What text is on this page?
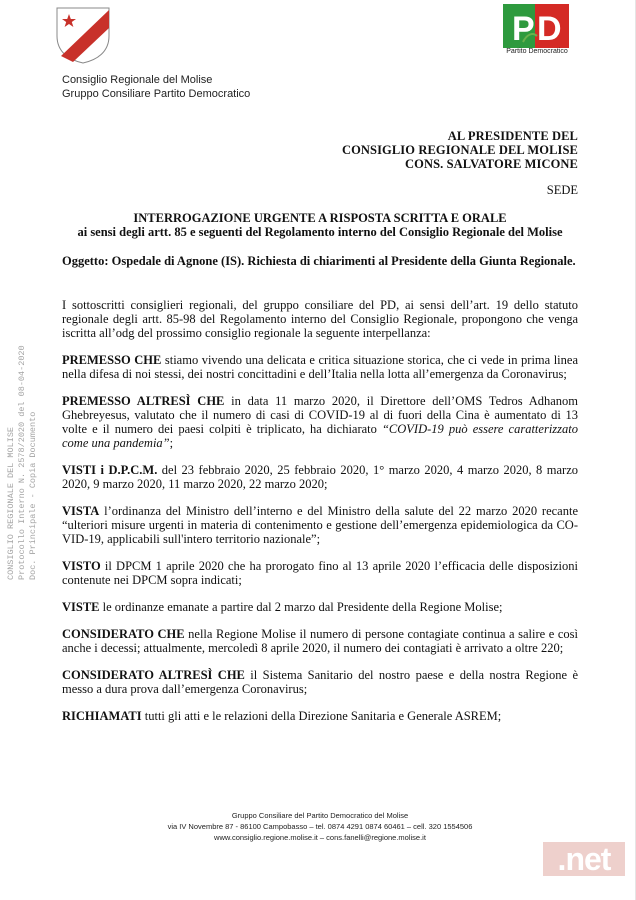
P D
Partito Democratico
Consiglio Regionale del Molise
Gruppo Consiliare Partito Democratico
AL PRESIDENTE DEL
CONSIGLIO REGIONALE DEL MOLISE
CONS. SALVATORE MICONE
SEDE
INTERROGAZIONE URGENTE A RISPOSTA SCRITTA E ORALE
ai sensi degli artt. 85 e seguenti del Regolamento interno del Consiglio Regionale del Molise
Oggetto: Ospedale di Agnone (IS). Richiesta di chiarimenti al Presidente della Giunta Regionale.

I sottoscritti consiglieri regionali, del gruppo consiliare del PD, ai sensi dell’art. 19 dello statuto regionale degli artt. 85-98 del Regolamento interno del Consiglio Regionale, propongono che venga iscritta all’odg del prossimo consiglio regionale la seguente interpellanza:

PREMESSO CHE stiamo vivendo una delicata e critica situazione storica, che ci vede in prima linea nella difesa di noi stessi, dei nostri concittadini e dell’Italia nella lotta all’emergenza da Coronavirus;

PREMESSO ALTRESÌ CHE in data 11 marzo 2020, il Direttore dell’OMS Tedros Adhanom Ghebreyesus, valutato che il numero di casi di COVID-19 al di fuori della Cina è aumentato di 13 volte e il numero dei paesi colpiti è triplicato, ha dichiarato “COVID-19 può essere caratterizzato come una pandemia”;

VISTI i D.P.C.M. del 23 febbraio 2020, 25 febbraio 2020, 1° marzo 2020, 4 marzo 2020, 8 marzo 2020, 9 marzo 2020, 11 marzo 2020, 22 marzo 2020;

VISTA l’ordinanza del Ministro dell’interno e del Ministro della salute del 22 marzo 2020 recante “ulteriori misure urgenti in materia di contenimento e gestione dell’emergenza epidemiologica da CO-VID-19, applicabili sull'intero territorio nazionale”;

VISTO il DPCM 1 aprile 2020 che ha prorogato fino al 13 aprile 2020 l’efficacia delle disposizioni contenute nei DPCM sopra indicati;

VISTE le ordinanze emanate a partire dal 2 marzo dal Presidente della Regione Molise;

CONSIDERATO CHE nella Regione Molise il numero di persone contagiate continua a salire e così anche i decessi; attualmente, mercoledì 8 aprile 2020, il numero dei contagiati è arrivato a oltre 220;

CONSIDERATO ALTRESÌ CHE il Sistema Sanitario del nostro paese e della nostra Regione è messo a dura prova dall’emergenza Coronavirus;

RICHIAMATI tutti gli atti e le relazioni della Direzione Sanitaria e Generale ASREM;

Gruppo Consiliare del Partito Democratico del Molise
via IV Novembre 87 - 86100 Campobasso – tel. 0874 4291 0874 60461 – cell. 320 1554506
www.consiglio.regione.molise.it – cons.fanelli@regione.molise.it
CONSIGLIO REGIONALE DEL MOLISE Protocollo Interno N. 2578/2020 del 08-04-2020 Doc. Principale - Copia Documento
.net
